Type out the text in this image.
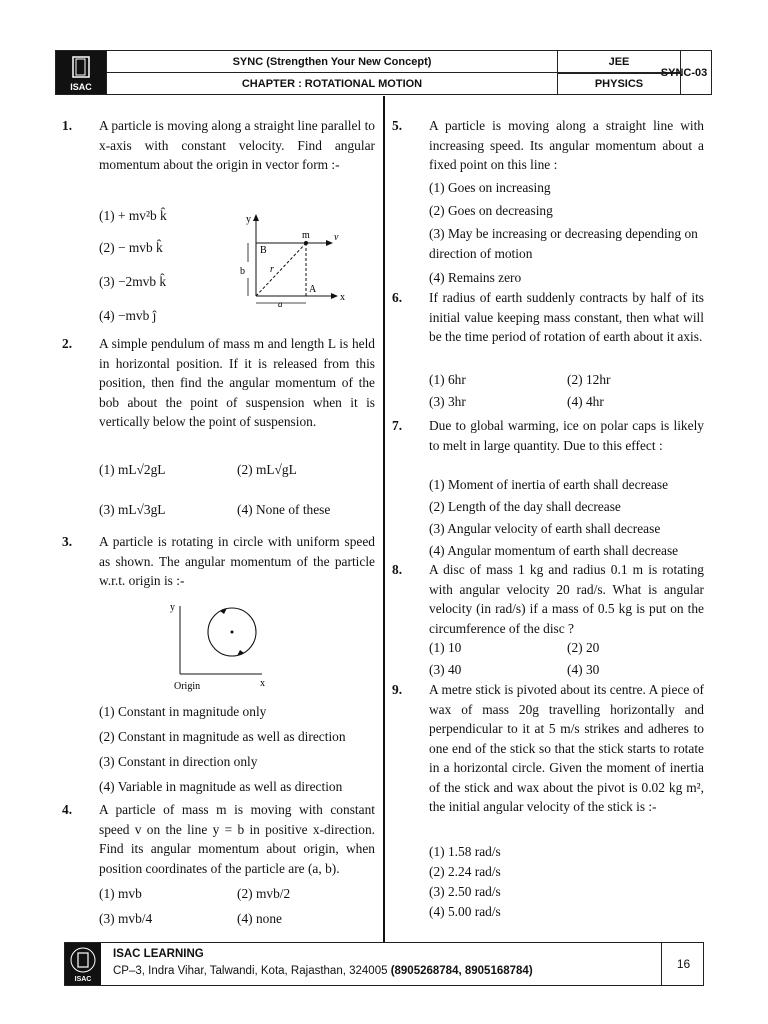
ISAC
SYNC (Strengthen Your New Concept)	JEE
CHAPTER : ROTATIONAL MOTION	PHYSICS
SYNC-03
1. A particle is moving along a straight line parallel to x-axis with constant velocity. Find angular momentum about the origin in vector form :-
(1) + mv²b k̂
(2) − mvb k̂
(3) −2mvb k̂
(4) −mvb ĵ
y
x
v
m
B
r
b
A
a
2. A simple pendulum of mass m and length L is held in horizontal position. If it is released from this position, then find the angular momentum of the bob about the point of suspension when it is vertically below the point of suspension.
(1) mL√2gL	(2) mL√gL
(3) mL√3gL	(4) None of these
3. A particle is rotating in circle with uniform speed as shown. The angular momentum of the particle w.r.t. origin is :-
y
x
Origin
(1) Constant in magnitude only
(2) Constant in magnitude as well as direction
(3) Constant in direction only
(4) Variable in magnitude as well as direction
4. A particle of mass m is moving with constant speed v on the line y = b in positive x-direction. Find its angular momentum about origin, when position coordinates of the particle are (a, b).
(1) mvb	(2) mvb/2
(3) mvb/4	(4) none
5. A particle is moving along a straight line with increasing speed. Its angular momentum about a fixed point on this line :
(1) Goes on increasing
(2) Goes on decreasing
(3) May be increasing or decreasing depending on direction of motion
(4) Remains zero
6. If radius of earth suddenly contracts by half of its initial value keeping mass constant, then what will be the time period of rotation of earth about it axis.
(1) 6hr	(2) 12hr
(3) 3hr	(4) 4hr
7. Due to global warming, ice on polar caps is likely to melt in large quantity. Due to this effect :
(1) Moment of inertia of earth shall decrease
(2) Length of the day shall decrease
(3) Angular velocity of earth shall decrease
(4) Angular momentum of earth shall decrease
8. A disc of mass 1 kg and radius 0.1 m is rotating with angular velocity 20 rad/s. What is angular velocity (in rad/s) if a mass of 0.5 kg is put on the circumference of the disc ?
(1) 10	(2) 20
(3) 40	(4) 30
9. A metre stick is pivoted about its centre. A piece of wax of mass 20g travelling horizontally and perpendicular to it at 5 m/s strikes and adheres to one end of the stick so that the stick starts to rotate in a horizontal circle. Given the moment of inertia of the stick and wax about the pivot is 0.02 kg m², the initial angular velocity of the stick is :-
(1) 1.58 rad/s
(2) 2.24 rad/s
(3) 2.50 rad/s
(4) 5.00 rad/s
ISAC
ISAC LEARNING
CP–3, Indra Vihar, Talwandi, Kota, Rajasthan, 324005 (8905268784, 8905168784)	16
